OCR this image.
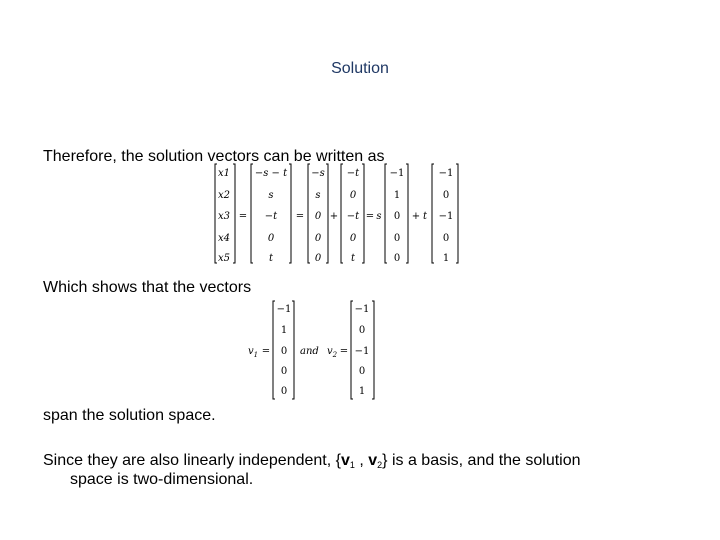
Solution
Therefore, the solution vectors can be written as
x1
x2
x3
x4
x5
=
−s − t
s
−t
0
t
=
−s
s
0
0
0
+
−t
0
−t
0
t
= s
−1
1
0
0
0
+ t
−1
0
−1
0
1
Which shows that the vectors
$v_1$ =
−1
1
0
0
0
and $v_2$ =
−1
0
−1
0
1
span the solution space.
Since they are also linearly independent, {v1 , v2} is a basis, and the solution
space is two-dimensional.
